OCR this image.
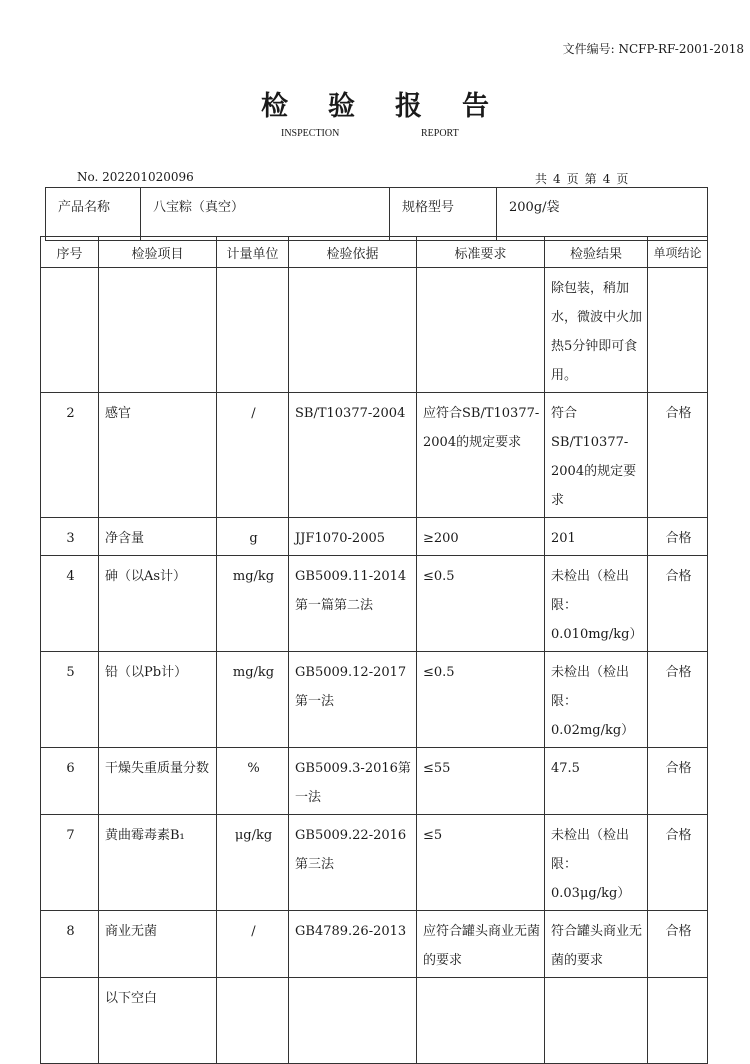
文件编号: NCFP-RF-2001-2018
检验报告
INSPECTION	REPORT
No. 202201020096	共 4 页 第 4 页
产品名称	八宝粽（真空）	规格型号	200g/袋
序号	检验项目	计量单位	检验依据	标准要求	检验结果	单项结论
					除包装，稍加水，微波中火加热5分钟即可食用。	
2	感官	/	SB/T10377-2004	应符合SB/T10377-2004的规定要求	符合SB/T10377-2004的规定要求	合格
3	净含量	g	JJF1070-2005	≥200	201	合格
4	砷（以As计）	mg/kg	GB5009.11-2014第一篇第二法	≤0.5	未检出（检出限：0.010mg/kg）	合格
5	铅（以Pb计）	mg/kg	GB5009.12-2017第一法	≤0.5	未检出（检出限：0.02mg/kg）	合格
6	干燥失重质量分数	%	GB5009.3-2016第一法	≤55	47.5	合格
7	黄曲霉毒素B₁	μg/kg	GB5009.22-2016第三法	≤5	未检出（检出限：0.03μg/kg）	合格
8	商业无菌	/	GB4789.26-2013	应符合罐头商业无菌的要求	符合罐头商业无菌的要求	合格
	以下空白					
